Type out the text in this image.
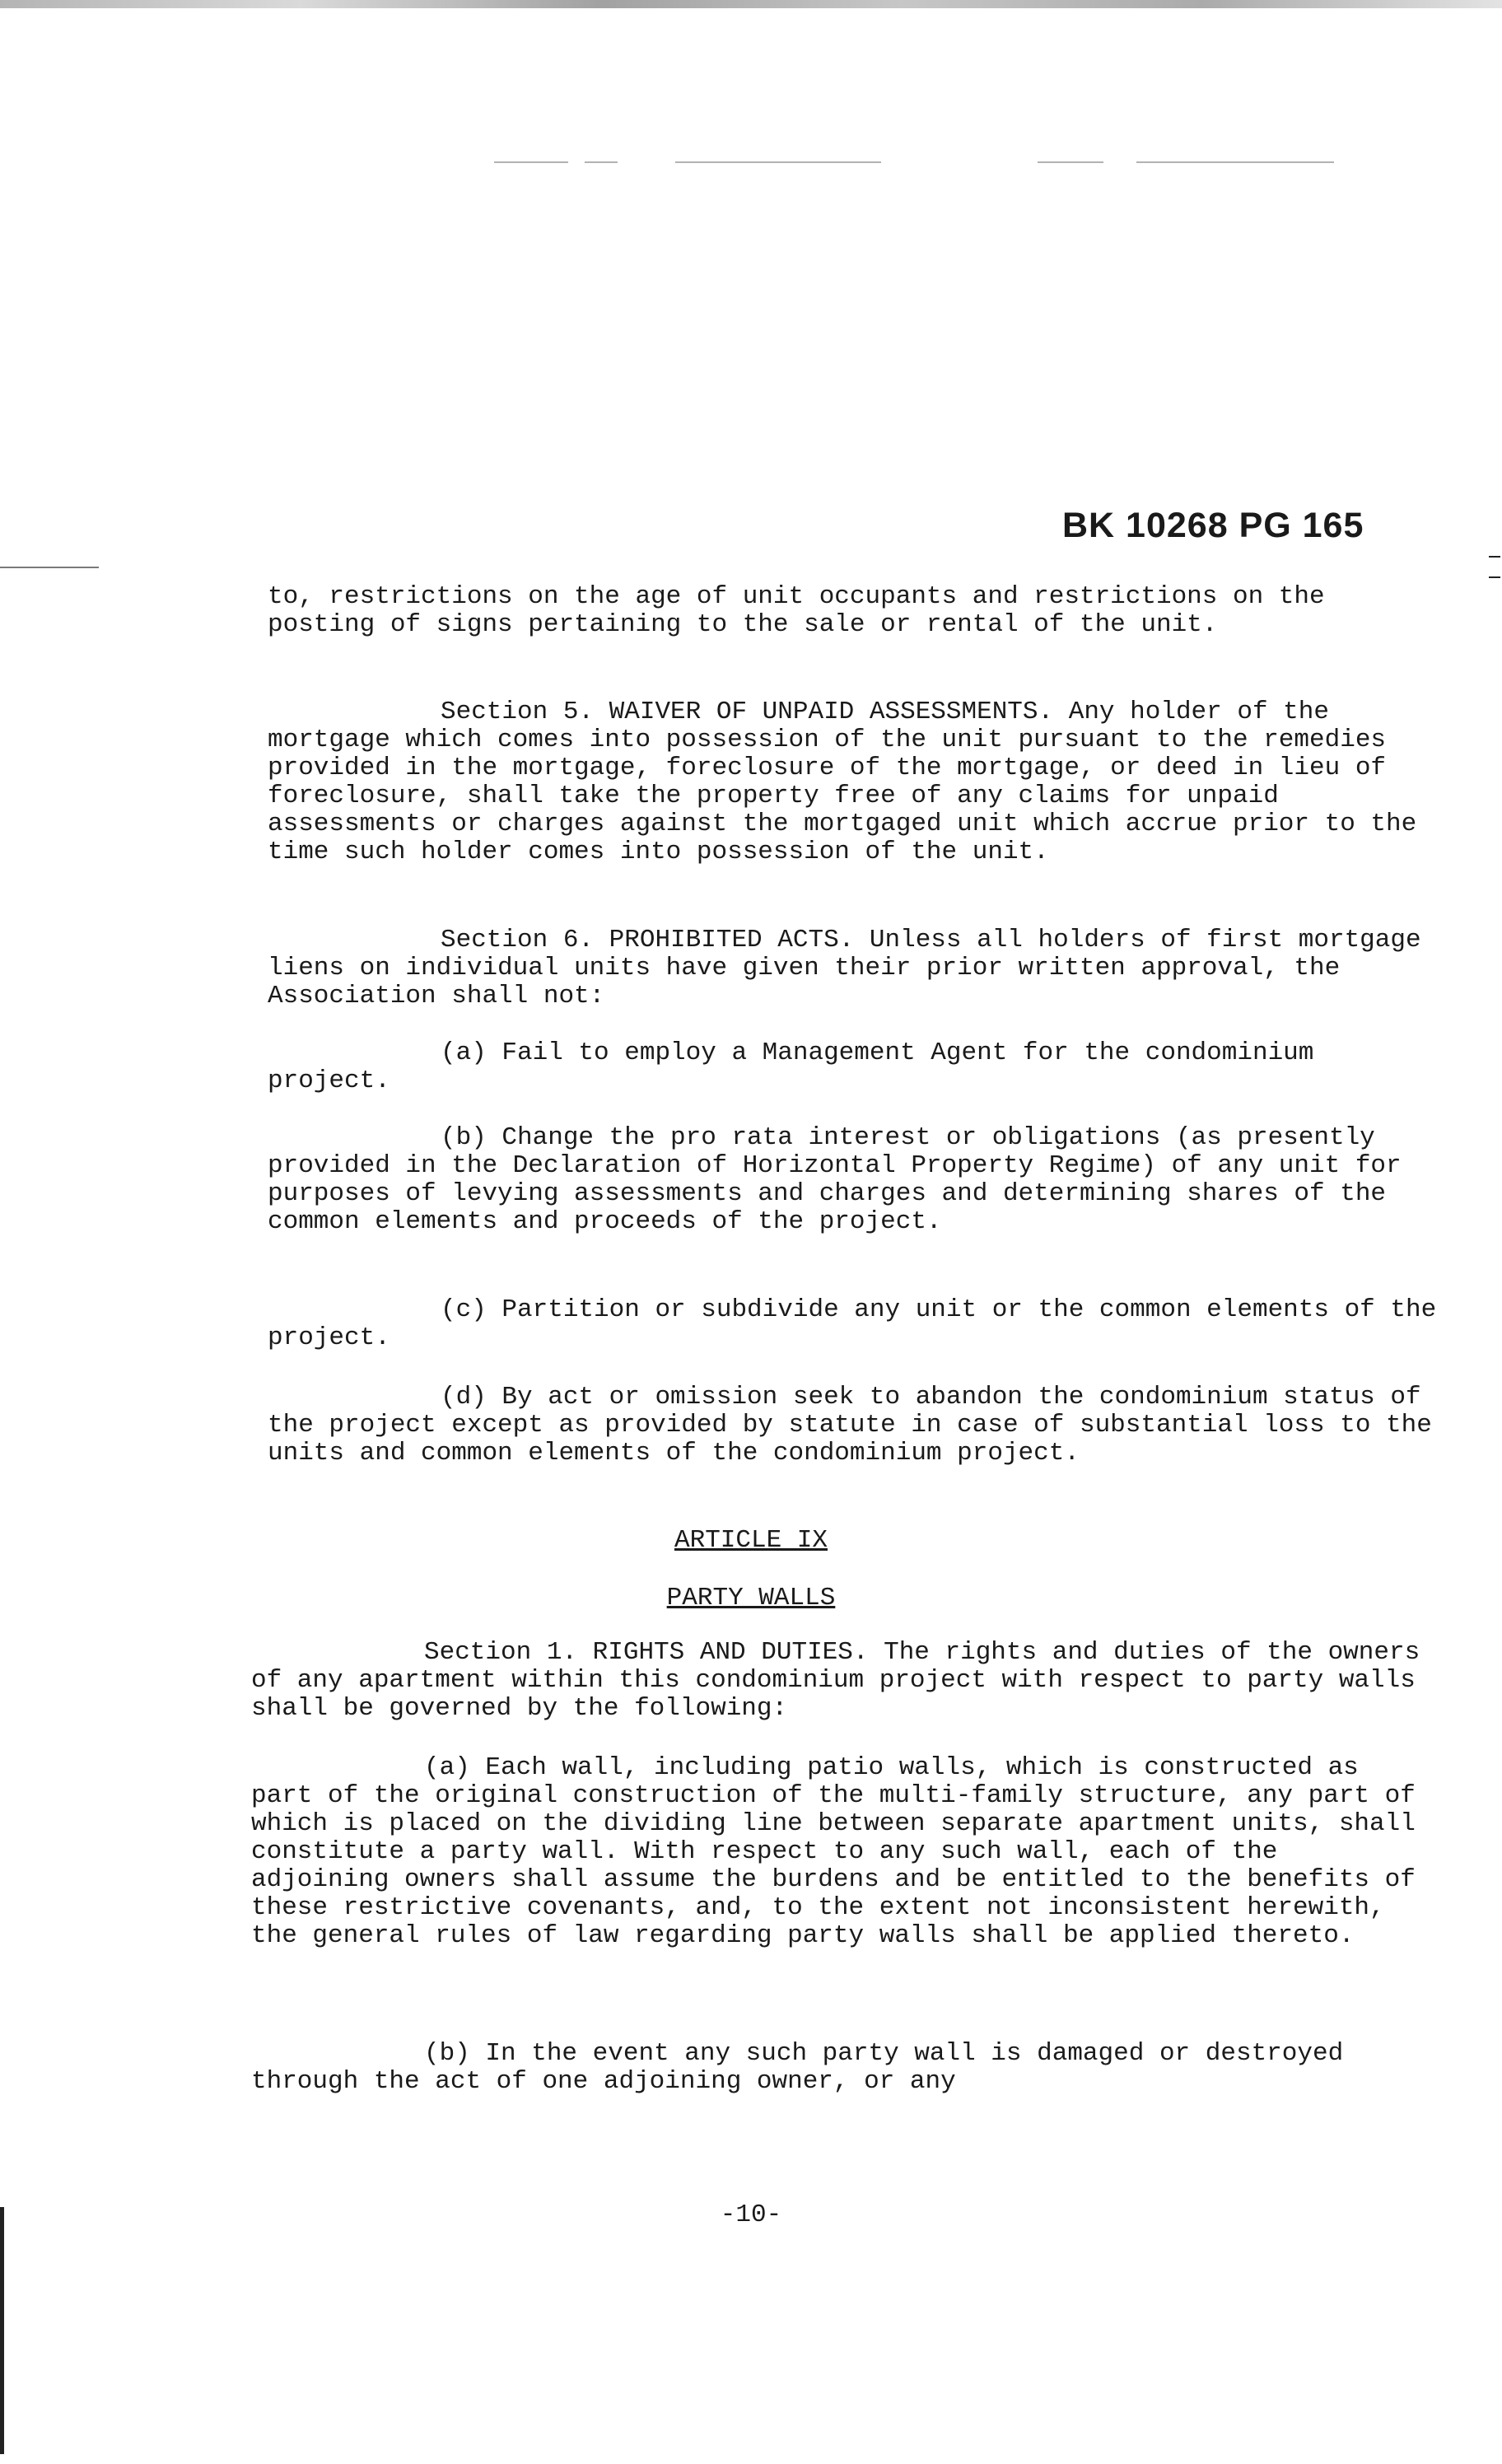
BK 10268 PG 165
to, restrictions on the age of unit occupants and restrictions on the posting of signs pertaining to the sale or rental of the unit.
Section 5. WAIVER OF UNPAID ASSESSMENTS. Any holder of the mortgage which comes into possession of the unit pursuant to the remedies provided in the mortgage, foreclosure of the mortgage, or deed in lieu of foreclosure, shall take the property free of any claims for unpaid assessments or charges against the mortgaged unit which accrue prior to the time such holder comes into possession of the unit.
Section 6. PROHIBITED ACTS. Unless all holders of first mortgage liens on individual units have given their prior written approval, the Association shall not:
(a) Fail to employ a Management Agent for the condominium project.
(b) Change the pro rata interest or obligations (as presently provided in the Declaration of Horizontal Property Regime) of any unit for purposes of levying assessments and charges and determining shares of the common elements and proceeds of the project.
(c) Partition or subdivide any unit or the common elements of the project.
(d) By act or omission seek to abandon the condominium status of the project except as provided by statute in case of substantial loss to the units and common elements of the condominium project.
ARTICLE IX
PARTY WALLS
Section 1. RIGHTS AND DUTIES. The rights and duties of the owners of any apartment within this condominium project with respect to party walls shall be governed by the following:
(a) Each wall, including patio walls, which is constructed as part of the original construction of the multi-family structure, any part of which is placed on the dividing line between separate apartment units, shall constitute a party wall. With respect to any such wall, each of the adjoining owners shall assume the burdens and be entitled to the benefits of these restrictive covenants, and, to the extent not inconsistent herewith, the general rules of law regarding party walls shall be applied thereto.
(b) In the event any such party wall is damaged or destroyed through the act of one adjoining owner, or any
-10-
